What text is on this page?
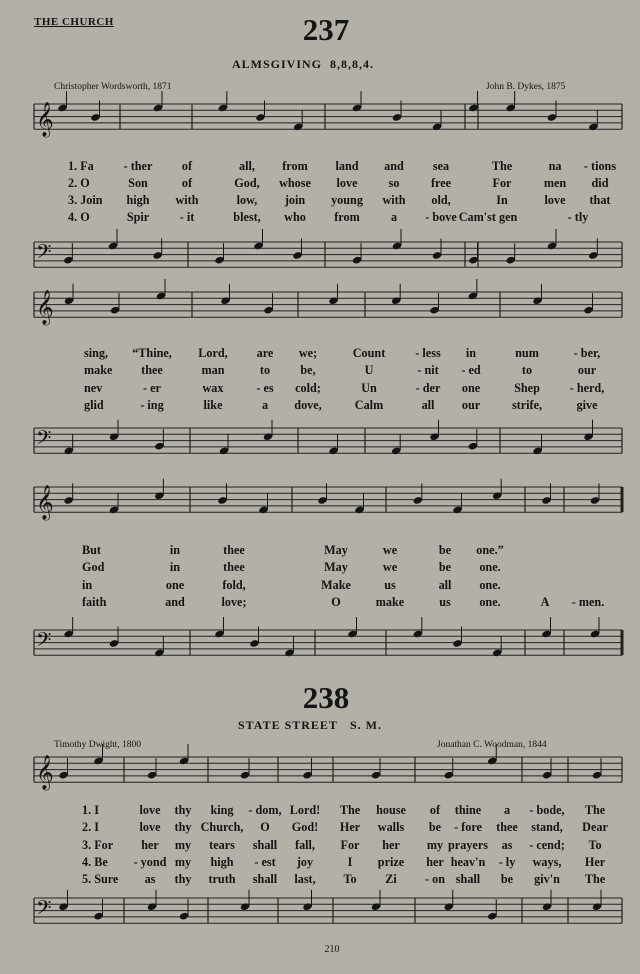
THE CHURCH	237
ALMSGIVING 8,8,8,4.
Christopher Wordsworth, 1871	John B. Dykes, 1875
𝄞
𝄢
𝄞
𝄢
𝄞
𝄢
𝄞
𝄢
1. Fa - ther of	all, from land and sea	The	na - tions
2. O	Son	of	God, whose love	so	free	For	men did
3. Join high with	low, join young with old,	In	love that
4. O	Spir	- it	blest, who from	a - bove Cam'st gen	- tly
sing, “Thine, Lord, are we;	Count - less in	num	- ber,
make thee	man	to be,	U	- nit - ed	to	our
nev	- er	wax	- es cold;	Un	- der one	Shep - herd,
glid	- ing	like	a dove,	Calm	all our	strife,	give
But	in	thee	May	we	be one.”
God	in	thee	May	we	be one.
in	one	fold,	Make	us	all one.
faith	and	love;	O	make	us one.	A - men.
238
STATE STREET S. M.
Timothy Dwight, 1800	Jonathan C. Woodman, 1844
1. I	love thy king - dom, Lord! The house of thine a - bode, The
2. I	love thy Church, O God! Her walls be - fore thee stand, Dear
3. For her my tears shall fall, For her my prayers as - cend; To
4. Be - yond my high - est joy	I prize her heav'n - ly ways, Her
5. Sure as thy truth shall last, To Zi - on shall be giv'n The
210
